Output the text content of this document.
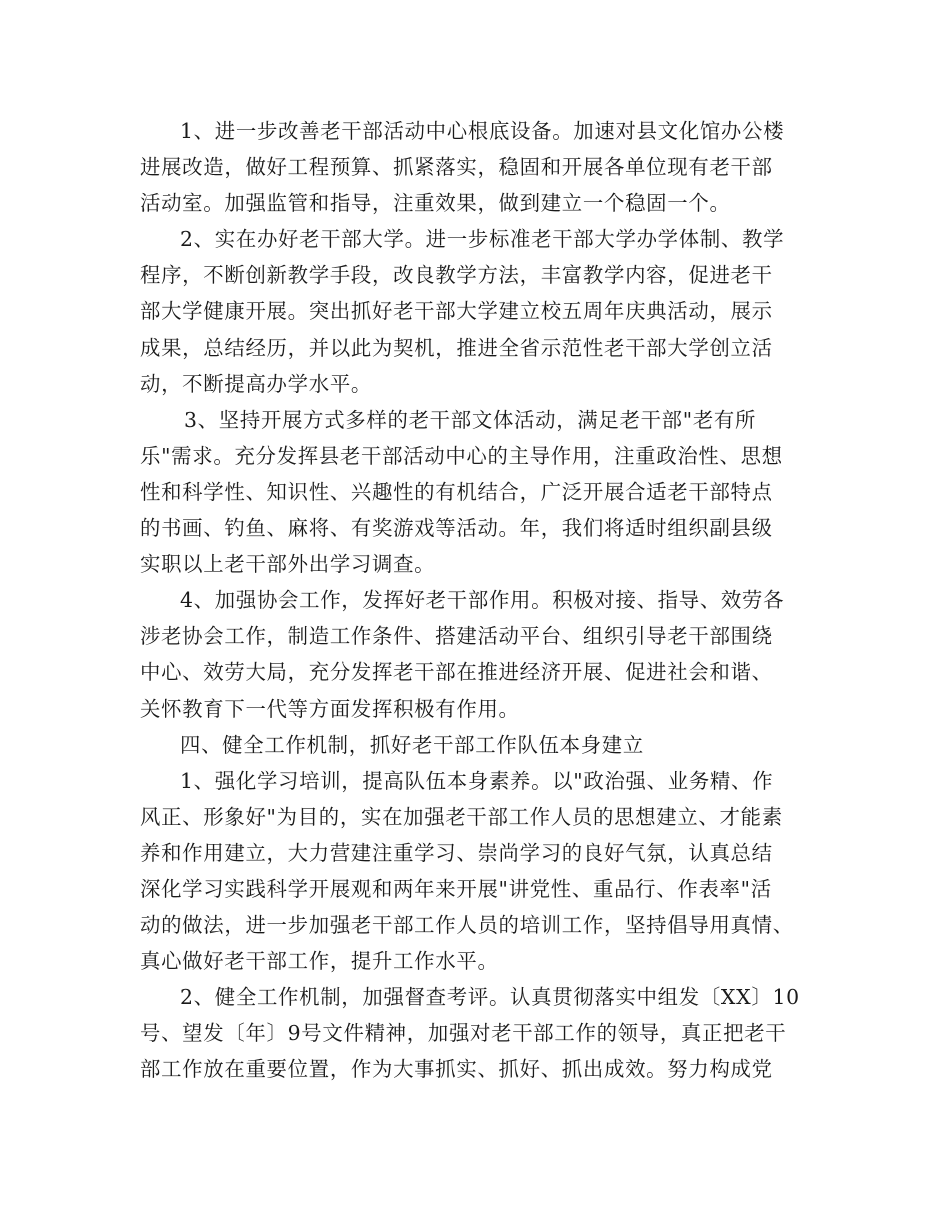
1、进一步改善老干部活动中心根底设备。加速对县文化馆办公楼
进展改造，做好工程预算、抓紧落实，稳固和开展各单位现有老干部
活动室。加强监管和指导，注重效果，做到建立一个稳固一个。
2、实在办好老干部大学。进一步标准老干部大学办学体制、教学
程序，不断创新教学手段，改良教学方法，丰富教学内容，促进老干
部大学健康开展。突出抓好老干部大学建立校五周年庆典活动，展示
成果，总结经历，并以此为契机，推进全省示范性老干部大学创立活
动，不断提高办学水平。
3、坚持开展方式多样的老干部文体活动，满足老干部"老有所
乐"需求。充分发挥县老干部活动中心的主导作用，注重政治性、思想
性和科学性、知识性、兴趣性的有机结合，广泛开展合适老干部特点
的书画、钓鱼、麻将、有奖游戏等活动。年，我们将适时组织副县级
实职以上老干部外出学习调查。
4、加强协会工作，发挥好老干部作用。积极对接、指导、效劳各
涉老协会工作，制造工作条件、搭建活动平台、组织引导老干部围绕
中心、效劳大局，充分发挥老干部在推进经济开展、促进社会和谐、
关怀教育下一代等方面发挥积极有作用。
四、健全工作机制，抓好老干部工作队伍本身建立
1、强化学习培训，提高队伍本身素养。以"政治强、业务精、作
风正、形象好"为目的，实在加强老干部工作人员的思想建立、才能素
养和作用建立，大力营建注重学习、崇尚学习的良好气氛，认真总结
深化学习实践科学开展观和两年来开展"讲党性、重品行、作表率"活
动的做法，进一步加强老干部工作人员的培训工作，坚持倡导用真情、
真心做好老干部工作，提升工作水平。
2、健全工作机制，加强督查考评。认真贯彻落实中组发〔XX〕10
号、望发〔年〕9号文件精神，加强对老干部工作的领导，真正把老干
部工作放在重要位置，作为大事抓实、抓好、抓出成效。努力构成党
